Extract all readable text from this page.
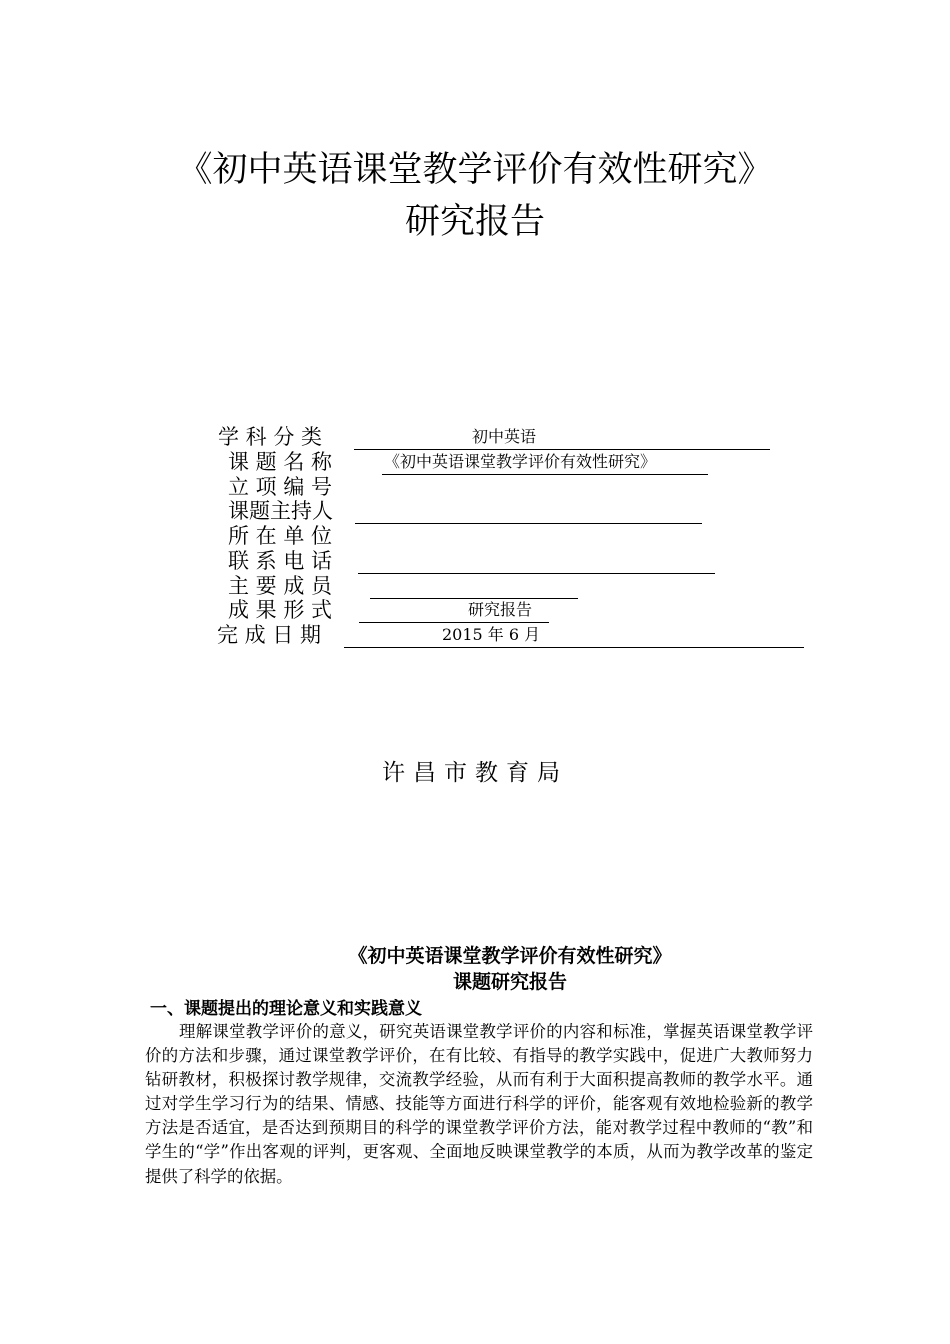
《初中英语课堂教学评价有效性研究》
研究报告
学 科 分 类	初中英语
课 题 名 称	《初中英语课堂教学评价有效性研究》
立 项 编 号
课题主持人
所 在 单 位
联 系 电 话
主 要 成 员
成 果 形 式	研究报告
完 成 日 期	2015 年 6 月
许昌市教育局
《初中英语课堂教学评价有效性研究》
课题研究报告
一、课题提出的理论意义和实践意义
理解课堂教学评价的意义，研究英语课堂教学评价的内容和标准，掌握英语课堂教学评价的方法和步骤，通过课堂教学评价，在有比较、有指导的教学实践中，促进广大教师努力钻研教材，积极探讨教学规律，交流教学经验，从而有利于大面积提高教师的教学水平。通过对学生学习行为的结果、情感、技能等方面进行科学的评价，能客观有效地检验新的教学方法是否适宜，是否达到预期目的科学的课堂教学评价方法，能对教学过程中教师的“教”和学生的“学”作出客观的评判，更客观、全面地反映课堂教学的本质，从而为教学改革的鉴定提供了科学的依据。
